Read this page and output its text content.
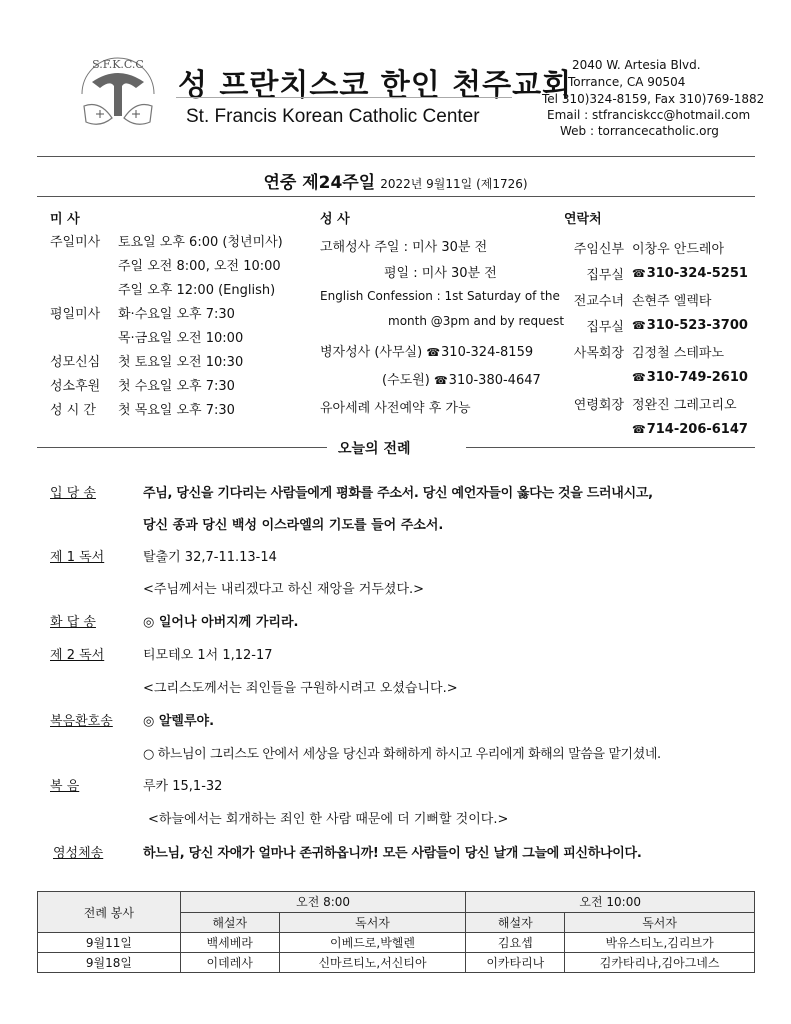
S.F.K.C.C
성 프란치스코 한인 천주교회
St. Francis Korean Catholic Center
2040 W. Artesia Blvd.
Torrance, CA 90504
Tel 310)324-8159, Fax 310)769-1882
Email : stfranciskcc@hotmail.com
Web : torrancecatholic.org
연중 제24주일 2022년 9월11일 (제1726)
미 사
주일미사	토요일 오후 6:00 (청년미사)
주일 오전 8:00, 오전 10:00
주일 오후 12:00 (English)
평일미사	화·수요일 오후 7:30
목·금요일 오전 10:00
성모신심	첫 토요일 오전 10:30
성소후원	첫 수요일 오후 7:30
성 시 간	첫 목요일 오후 7:30
성 사
고해성사 주일 : 미사 30분 전
평일 : 미사 30분 전
English Confession : 1st Saturday of the
month @3pm and by request
병자성사 (사무실) ☎310-324-8159
(수도원) ☎310-380-4647
유아세례 사전예약 후 가능
연락처
주임신부 이창우 안드레아
집무실 ☎310-324-5251
전교수녀 손현주 엘렉타
집무실 ☎310-523-3700
사목회장 김정철 스테파노
☎310-749-2610
연령회장 정완진 그레고리오
☎714-206-6147
오늘의 전례
입 당 송	주님, 당신을 기다리는 사람들에게 평화를 주소서. 당신 예언자들이 옳다는 것을 드러내시고,
당신 종과 당신 백성 이스라엘의 기도를 들어 주소서.
제 1 독서	탈출기 32,7-11.13-14
<주님께서는 내리겠다고 하신 재앙을 거두셨다.>
화 답 송	◎ 일어나 아버지께 가리라.
제 2 독서	티모테오 1서 1,12-17
<그리스도께서는 죄인들을 구원하시려고 오셨습니다.>
복음환호송 ◎ 알렐루야.
○ 하느님이 그리스도 안에서 세상을 당신과 화해하게 하시고 우리에게 화해의 말씀을 맡기셨네.
복 음	루카 15,1-32
<하늘에서는 회개하는 죄인 한 사람 때문에 더 기뻐할 것이다.>
영성체송	하느님, 당신 자애가 얼마나 존귀하옵니까! 모든 사람들이 당신 날개 그늘에 피신하나이다.
전례 봉사	오전 8:00		오전 10:00	
	해설자	독서자	해설자	독서자
9월11일	백세베라	이베드로,박헬렌	김요셉	박유스티노,김리브가
9월18일	이데레사	신마르티노,서신티아	이카타리나	김카타리나,김아그네스
